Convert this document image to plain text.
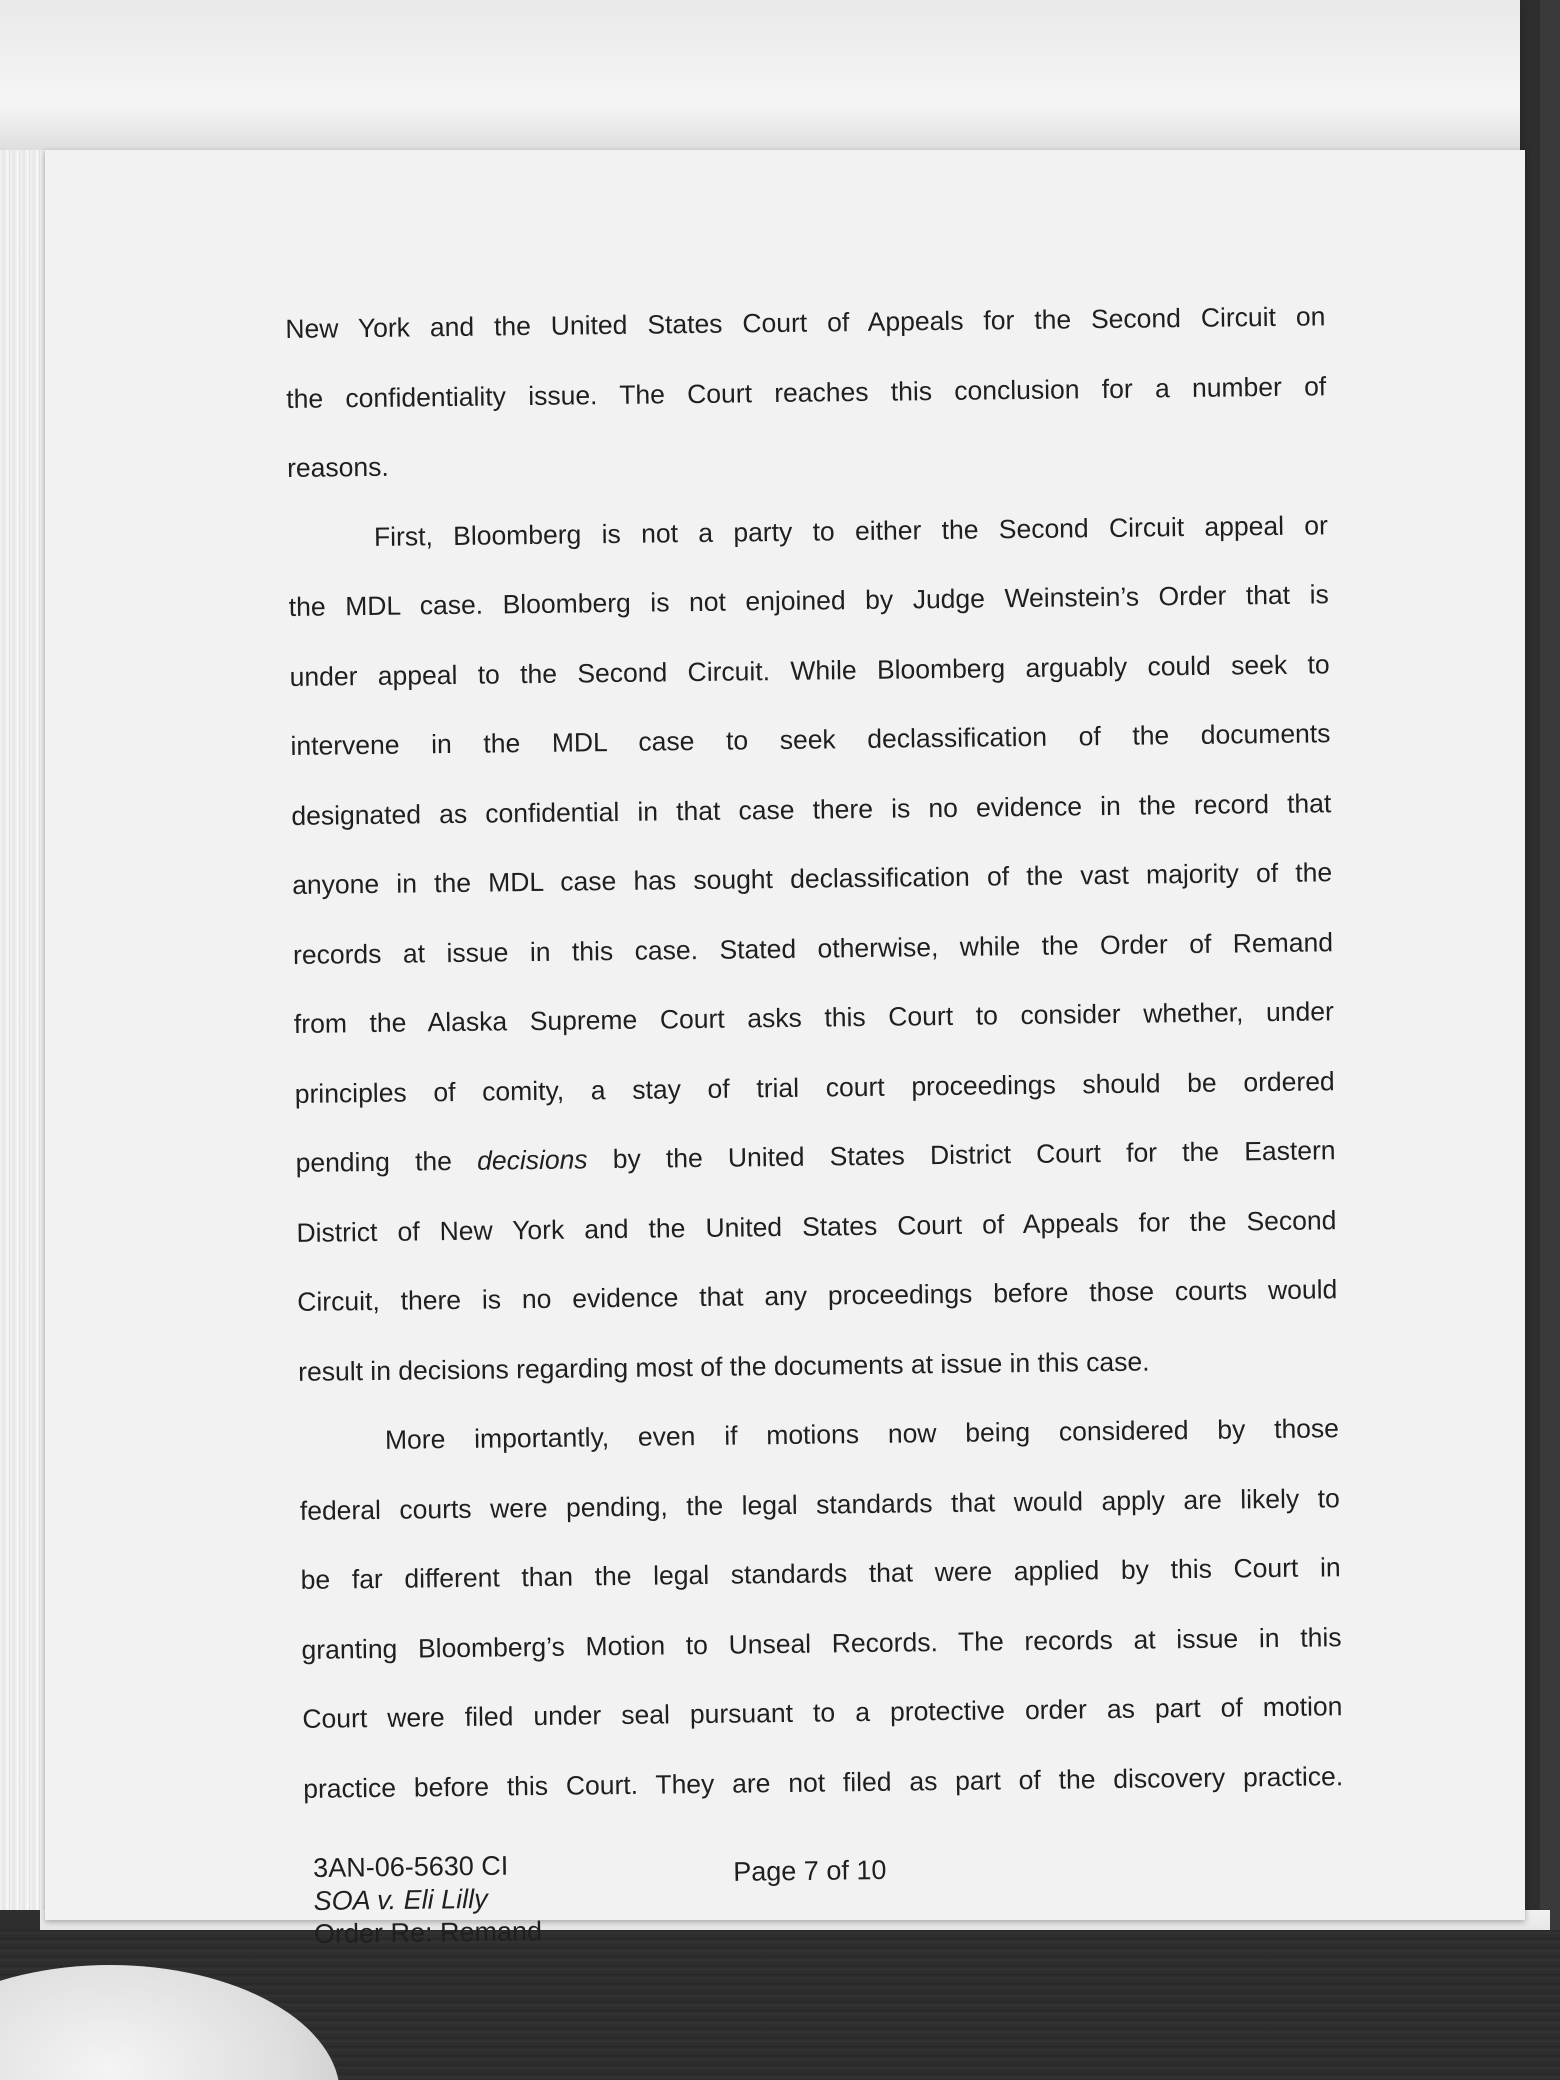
New York and the United States Court of Appeals for the Second Circuit on
the confidentiality issue. The Court reaches this conclusion for a number of
reasons.
First, Bloomberg is not a party to either the Second Circuit appeal or
the MDL case. Bloomberg is not enjoined by Judge Weinstein’s Order that is
under appeal to the Second Circuit. While Bloomberg arguably could seek to
intervene in the MDL case to seek declassification of the documents
designated as confidential in that case there is no evidence in the record that
anyone in the MDL case has sought declassification of the vast majority of the
records at issue in this case. Stated otherwise, while the Order of Remand
from the Alaska Supreme Court asks this Court to consider whether, under
principles of comity, a stay of trial court proceedings should be ordered
pending the decisions by the United States District Court for the Eastern
District of New York and the United States Court of Appeals for the Second
Circuit, there is no evidence that any proceedings before those courts would
result in decisions regarding most of the documents at issue in this case.
More importantly, even if motions now being considered by those
federal courts were pending, the legal standards that would apply are likely to
be far different than the legal standards that were applied by this Court in
granting Bloomberg’s Motion to Unseal Records. The records at issue in this
Court were filed under seal pursuant to a protective order as part of motion
practice before this Court. They are not filed as part of the discovery practice.
3AN-06-5630 CI
SOA v. Eli Lilly
Order Re: Remand
Page 7 of 10
